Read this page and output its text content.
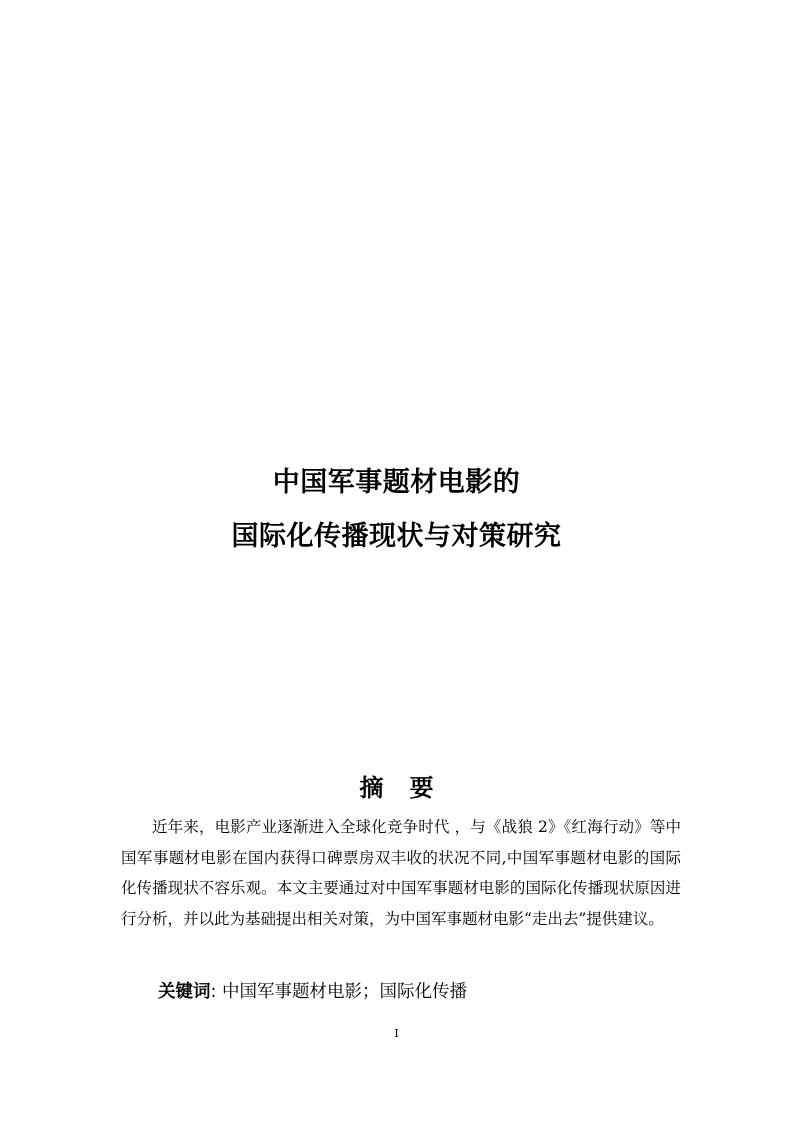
中国军事题材电影的
国际化传播现状与对策研究
摘要

近年来，电影产业逐渐进入全球化竞争时代 ，与《战狼 2》《红海行动》等中国军事题材电影在国内获得口碑票房双丰收的状况不同,中国军事题材电影的国际化传播现状不容乐观。本文主要通过对中国军事题材电影的国际化传播现状原因进行分析，并以此为基础提出相关对策，为中国军事题材电影“走出去”提供建议。

关键词: 中国军事题材电影；国际化传播

I
